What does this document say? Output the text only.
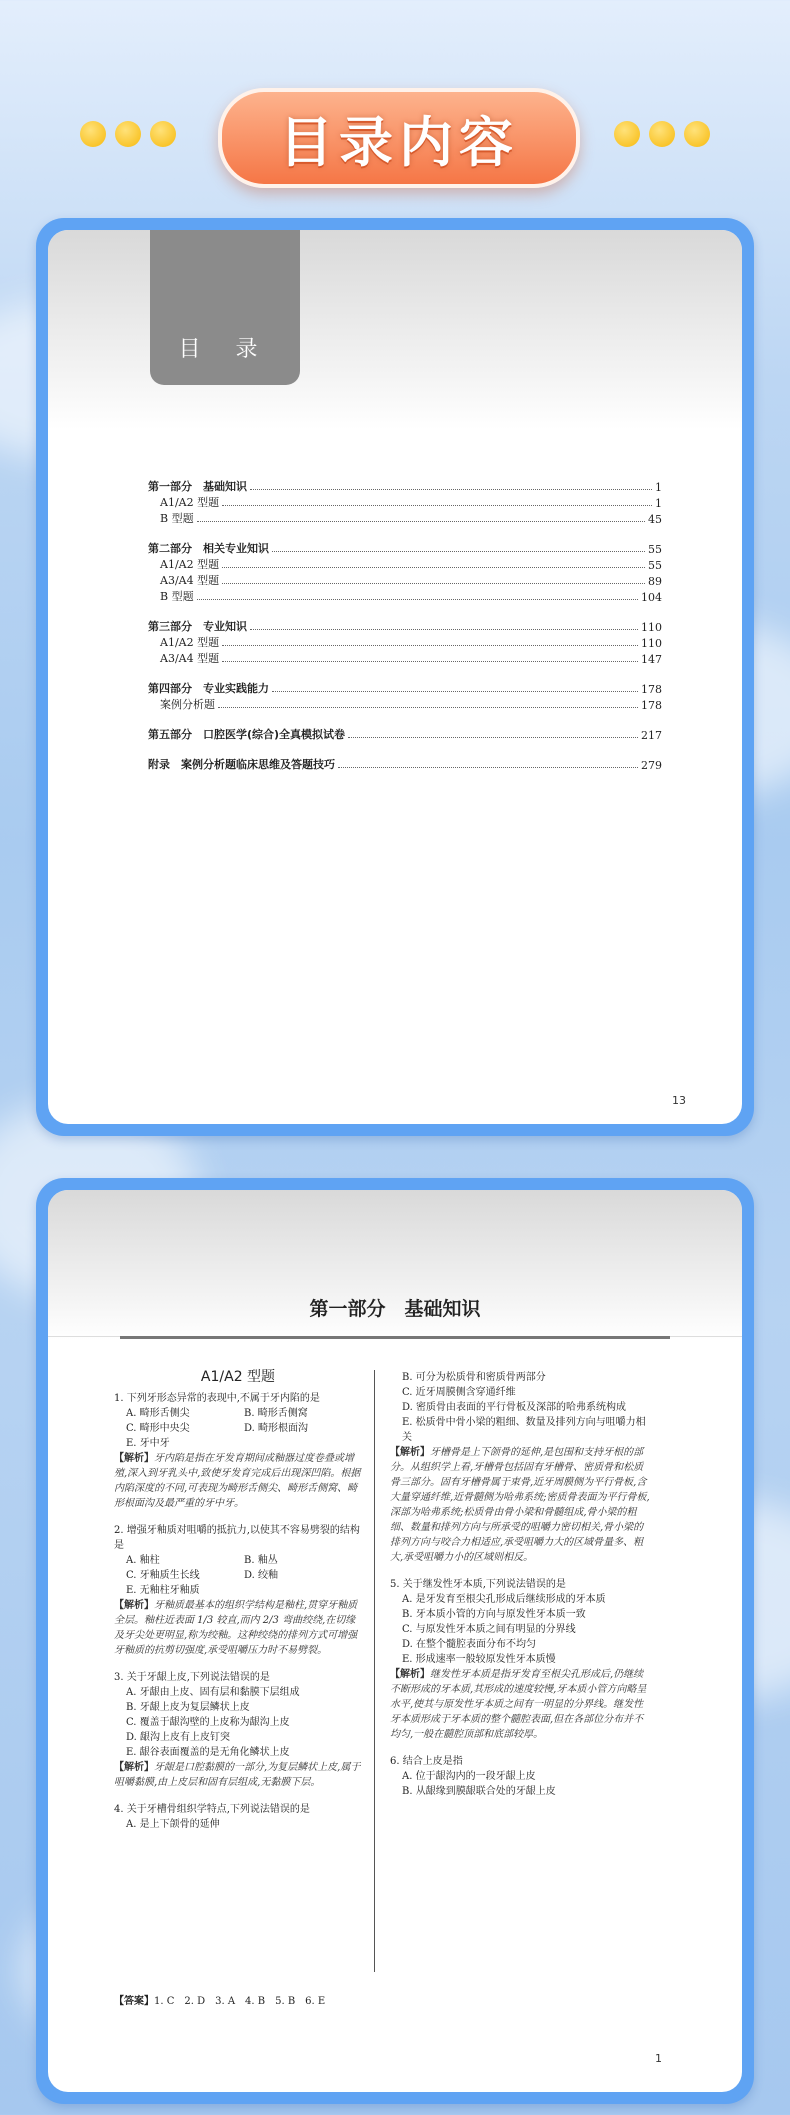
目录内容
目 录
第一部分　基础知识	1
A1/A2 型题	1
B 型题	45
第二部分　相关专业知识	55
A1/A2 型题	55
A3/A4 型题	89
B 型题	104
第三部分　专业知识	110
A1/A2 型题	110
A3/A4 型题	147
第四部分　专业实践能力	178
案例分析题	178
第五部分　口腔医学(综合)全真模拟试卷	217
附录　案例分析题临床思维及答题技巧	279
13
第一部分　基础知识
A1/A2 型题
1. 下列牙形态异常的表现中,不属于牙内陷的是
A. 畸形舌侧尖	B. 畸形舌侧窝
C. 畸形中央尖	D. 畸形根面沟
E. 牙中牙
【解析】牙内陷是指在牙发育期间成釉器过度卷叠或增殖,深入到牙乳头中,致使牙发育完成后出现深凹陷。根据内陷深度的不同,可表现为畸形舌侧尖、畸形舌侧窝、畸形根面沟及最严重的牙中牙。
2. 增强牙釉质对咀嚼的抵抗力,以使其不容易劈裂的结构是
A. 釉柱	B. 釉丛
C. 牙釉质生长线	D. 绞釉
E. 无釉柱牙釉质
【解析】牙釉质最基本的组织学结构是釉柱,贯穿牙釉质全层。釉柱近表面 1/3 较直,而内 2/3 弯曲绞绕,在切缘及牙尖处更明显,称为绞釉。这种绞绕的排列方式可增强牙釉质的抗剪切强度,承受咀嚼压力时不易劈裂。
3. 关于牙龈上皮,下列说法错误的是
A. 牙龈由上皮、固有层和黏膜下层组成
B. 牙龈上皮为复层鳞状上皮
C. 覆盖于龈沟壁的上皮称为龈沟上皮
D. 龈沟上皮有上皮钉突
E. 龈谷表面覆盖的是无角化鳞状上皮
【解析】牙龈是口腔黏膜的一部分,为复层鳞状上皮,属于咀嚼黏膜,由上皮层和固有层组成,无黏膜下层。
4. 关于牙槽骨组织学特点,下列说法错误的是
A. 是上下颌骨的延伸
B. 可分为松质骨和密质骨两部分
C. 近牙周膜侧含穿通纤维
D. 密质骨由表面的平行骨板及深部的哈弗系统构成
E. 松质骨中骨小梁的粗细、数量及排列方向与咀嚼力相关
【解析】牙槽骨是上下颌骨的延伸,是包围和支持牙根的部分。从组织学上看,牙槽骨包括固有牙槽骨、密质骨和松质骨三部分。固有牙槽骨属于束骨,近牙周膜侧为平行骨板,含大量穿通纤维,近骨髓侧为哈弗系统;密质骨表面为平行骨板,深部为哈弗系统;松质骨由骨小梁和骨髓组成,骨小梁的粗细、数量和排列方向与所承受的咀嚼力密切相关,骨小梁的排列方向与咬合力相适应,承受咀嚼力大的区域骨量多、粗大,承受咀嚼力小的区域则相反。
5. 关于继发性牙本质,下列说法错误的是
A. 是牙发育至根尖孔形成后继续形成的牙本质
B. 牙本质小管的方向与原发性牙本质一致
C. 与原发性牙本质之间有明显的分界线
D. 在整个髓腔表面分布不均匀
E. 形成速率一般较原发性牙本质慢
【解析】继发性牙本质是指牙发育至根尖孔形成后,仍继续不断形成的牙本质,其形成的速度较慢,牙本质小管方向略呈水平,使其与原发性牙本质之间有一明显的分界线。继发性牙本质形成于牙本质的整个髓腔表面,但在各部位分布并不均匀,一般在髓腔顶部和底部较厚。
6. 结合上皮是指
A. 位于龈沟内的一段牙龈上皮
B. 从龈缘到膜龈联合处的牙龈上皮
【答案】1. C　2. D　3. A　4. B　5. B　6. E
1
